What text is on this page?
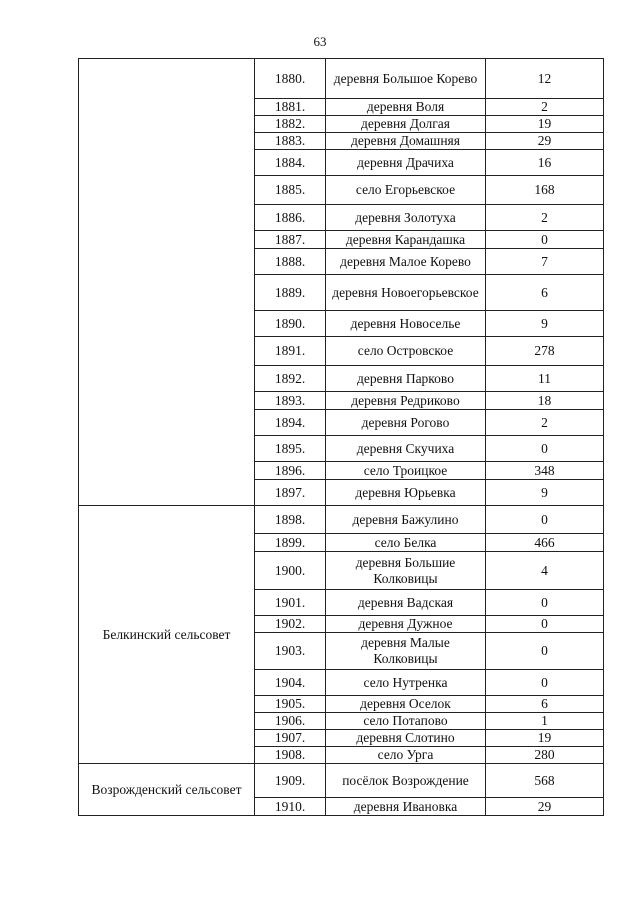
63
	1880.	деревня Большое Корево	12
	1881.	деревня Воля	2
	1882.	деревня Долгая	19
	1883.	деревня Домашняя	29
	1884.	деревня Драчиха	16
	1885.	село Егорьевское	168
	1886.	деревня Золотуха	2
	1887.	деревня Карандашка	0
	1888.	деревня Малое Корево	7
	1889.	деревня Новоегорьевское	6
	1890.	деревня Новоселье	9
	1891.	село Островское	278
	1892.	деревня Парково	11
	1893.	деревня Редриково	18
	1894.	деревня Рогово	2
	1895.	деревня Скучиха	0
	1896.	село Троицкое	348
	1897.	деревня Юрьевка	9
Белкинский сельсовет	1898.	деревня Бажулино	0
	1899.	село Белка	466
	1900.	деревня Большие Колковицы	4
	1901.	деревня Вадская	0
	1902.	деревня Дужное	0
	1903.	деревня Малые Колковицы	0
	1904.	село Нутренка	0
	1905.	деревня Оселок	6
	1906.	село Потапово	1
	1907.	деревня Слотино	19
	1908.	село Урга	280
Возрожденский сельсовет	1909.	посёлок Возрождение	568
	1910.	деревня Ивановка	29
